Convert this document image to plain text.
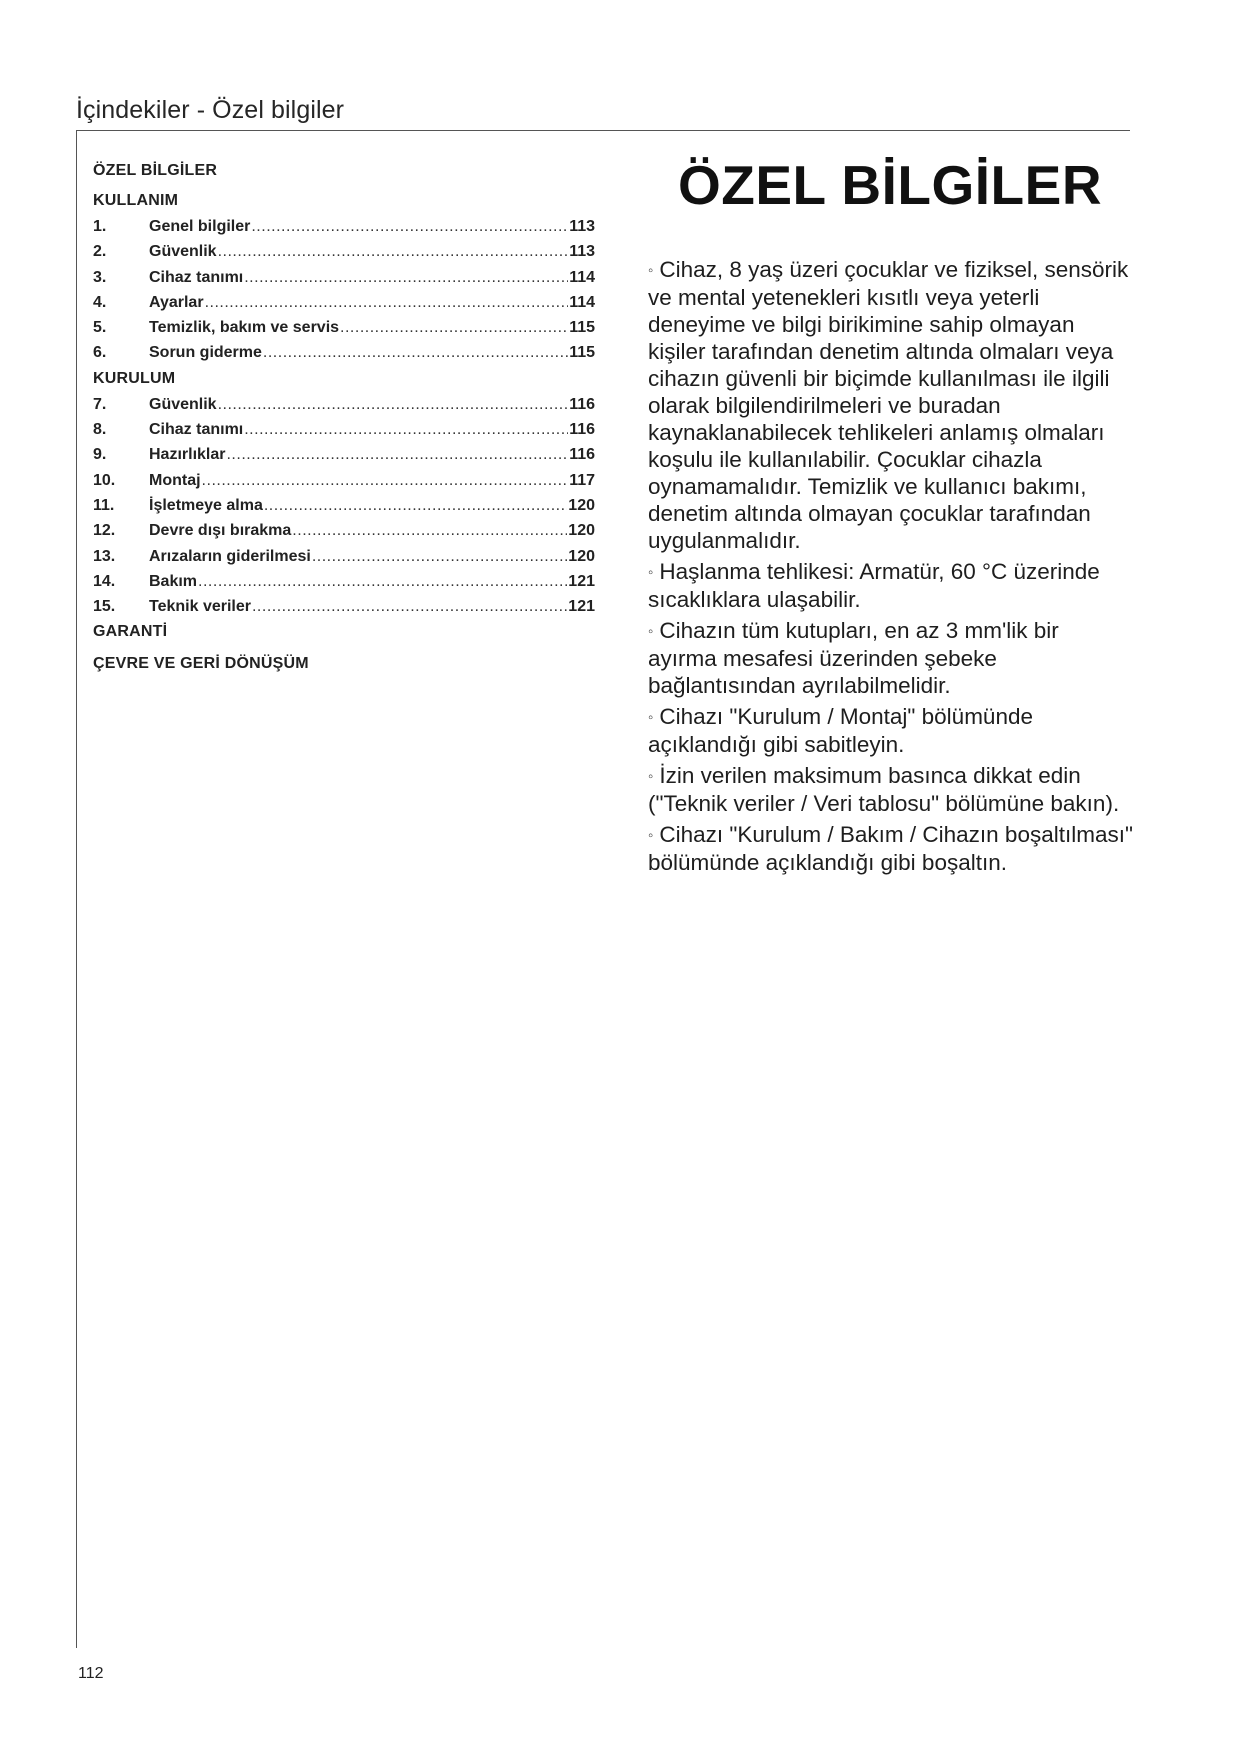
İçindekiler - Özel bilgiler
ÖZEL BİLGİLER
KULLANIM
1.	Genel bilgiler .....	113
2.	Güvenlik .....	113
3.	Cihaz tanımı .....	114
4.	Ayarlar .....	114
5.	Temizlik, bakım ve servis .....	115
6.	Sorun giderme .....	115
KURULUM
7.	Güvenlik .....	116
8.	Cihaz tanımı .....	116
9.	Hazırlıklar .....	116
10.	Montaj .....	117
11.	İşletmeye alma .....	120
12.	Devre dışı bırakma .....	120
13.	Arızaların giderilmesi .....	120
14.	Bakım .....	121
15.	Teknik veriler .....	121
GARANTİ
ÇEVRE VE GERİ DÖNÜŞÜM
ÖZEL BİLGİLER
◦ Cihaz, 8 yaş üzeri çocuklar ve fiziksel, sensörik ve mental yetenekleri kısıtlı veya yeterli deneyime ve bilgi birikimine sahip olmayan kişiler tarafından denetim altında olmaları veya cihazın güvenli bir biçimde kullanılması ile ilgili olarak bilgilendirilmeleri ve buradan kaynaklanabilecek tehlikeleri anlamış olmaları koşulu ile kullanılabilir. Çocuklar cihazla oynamamalıdır. Temizlik ve kullanıcı bakımı, denetim altında olmayan çocuklar tarafından uygulanmalıdır.
◦ Haşlanma tehlikesi: Armatür, 60 °C üzerinde sıcaklıklara ulaşabilir.
◦ Cihazın tüm kutupları, en az 3 mm'lik bir ayırma mesafesi üzerinden şebeke bağlantısından ayrılabilmelidir.
◦ Cihazı "Kurulum / Montaj" bölümünde açıklandığı gibi sabitleyin.
◦ İzin verilen maksimum basınca dikkat edin ("Teknik veriler / Veri tablosu" bölümüne bakın).
◦ Cihazı "Kurulum / Bakım / Cihazın boşaltılması" bölümünde açıklandığı gibi boşaltın.
112
